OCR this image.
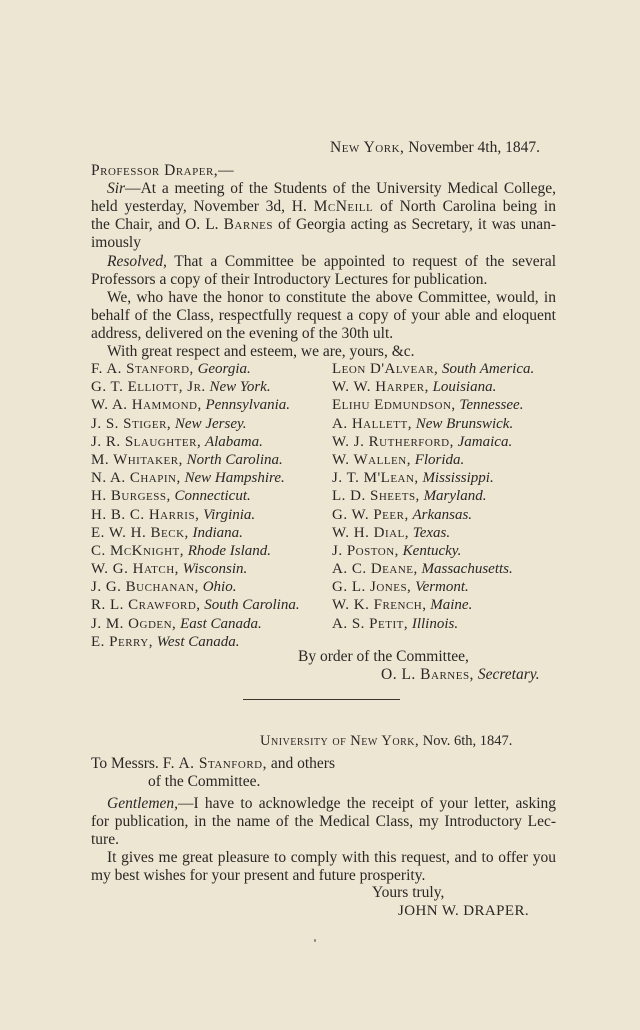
New York, November 4th, 1847.
Professor Draper,—
Sir—At a meeting of the Students of the University Medical College,
held yesterday, November 3d, H. McNeill of North Carolina being in
the Chair, and O. L. Barnes of Georgia acting as Secretary, it was unan-
imously
Resolved, That a Committee be appointed to request of the several
Professors a copy of their Introductory Lectures for publication.
We, who have the honor to constitute the above Committee, would, in
behalf of the Class, respectfully request a copy of your able and eloquent
address, delivered on the evening of the 30th ult.
With great respect and esteem, we are, yours, &c.
F. A. Stanford, Georgia.
G. T. Elliott, Jr. New York.
W. A. Hammond, Pennsylvania.
J. S. Stiger, New Jersey.
J. R. Slaughter, Alabama.
M. Whitaker, North Carolina.
N. A. Chapin, New Hampshire.
H. Burgess, Connecticut.
H. B. C. Harris, Virginia.
E. W. H. Beck, Indiana.
C. McKnight, Rhode Island.
W. G. Hatch, Wisconsin.
J. G. Buchanan, Ohio.
R. L. Crawford, South Carolina.
J. M. Ogden, East Canada.
E. Perry, West Canada.
Leon D'Alvear, South America.
W. W. Harper, Louisiana.
Elihu Edmundson, Tennessee.
A. Hallett, New Brunswick.
W. J. Rutherford, Jamaica.
W. Wallen, Florida.
J. T. M'Lean, Mississippi.
L. D. Sheets, Maryland.
G. W. Peer, Arkansas.
W. H. Dial, Texas.
J. Poston, Kentucky.
A. C. Deane, Massachusetts.
G. L. Jones, Vermont.
W. K. French, Maine.
A. S. Petit, Illinois.
By order of the Committee,
O. L. Barnes, Secretary.
University of New York, Nov. 6th, 1847.
To Messrs. F. A. Stanford, and others
of the Committee.
Gentlemen,—I have to acknowledge the receipt of your letter, asking
for publication, in the name of the Medical Class, my Introductory Lec-
ture.
It gives me great pleasure to comply with this request, and to offer you
my best wishes for your present and future prosperity.
Yours truly,
JOHN W. DRAPER.
